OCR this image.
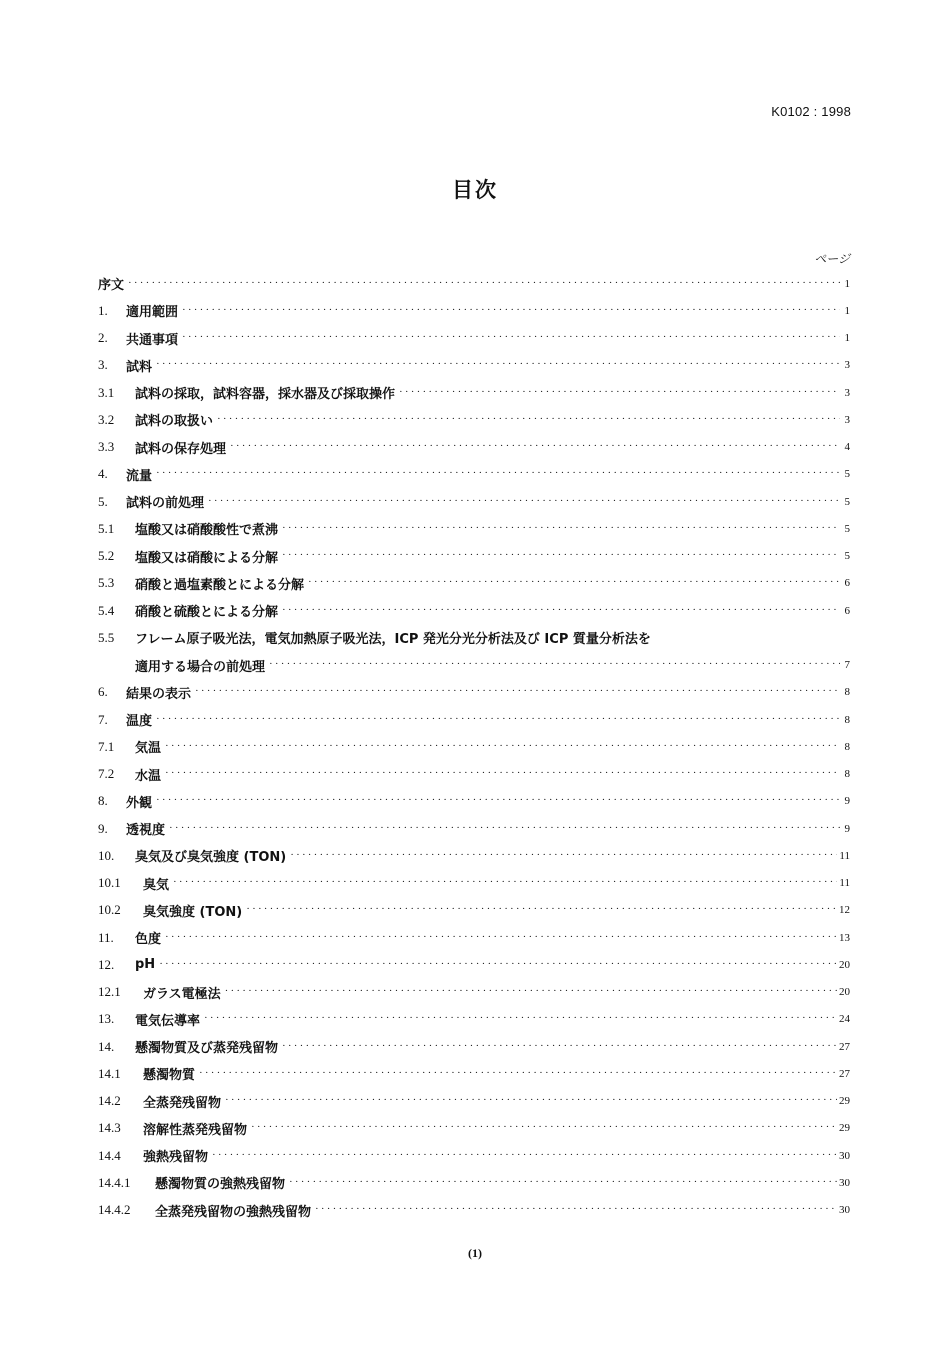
K0102 : 1998
目次
ページ
序文 ·····	1
1.	適用範囲 ·····	1
2.	共通事項 ·····	1
3.	試料 ·····	3
3.1	試料の採取，試料容器，採水器及び採取操作 ·····	3
3.2	試料の取扱い ·····	3
3.3	試料の保存処理 ·····	4
4.	流量 ·····	5
5.	試料の前処理 ·····	5
5.1	塩酸又は硝酸酸性で煮沸 ·····	5
5.2	塩酸又は硝酸による分解 ·····	5
5.3	硝酸と過塩素酸とによる分解 ·····	6
5.4	硝酸と硫酸とによる分解 ·····	6
5.5	フレーム原子吸光法，電気加熱原子吸光法，ICP 発光分光分析法及び ICP 質量分析法を
適用する場合の前処理 ·····	7
6.	結果の表示 ·····	8
7.	温度 ·····	8
7.1	気温 ·····	8
7.2	水温 ·····	8
8.	外観 ·····	9
9.	透視度 ·····	9
10.	臭気及び臭気強度 (TON) ·····	11
10.1	臭気 ·····	11
10.2	臭気強度 (TON) ·····	12
11.	色度 ·····	13
12.	pH ·····	20
12.1	ガラス電極法 ·····	20
13.	電気伝導率 ·····	24
14.	懸濁物質及び蒸発残留物 ·····	27
14.1	懸濁物質 ·····	27
14.2	全蒸発残留物 ·····	29
14.3	溶解性蒸発残留物 ·····	29
14.4	強熱残留物 ·····	30
14.4.1	懸濁物質の強熱残留物 ·····	30
14.4.2	全蒸発残留物の強熱残留物 ·····	30
(1)
